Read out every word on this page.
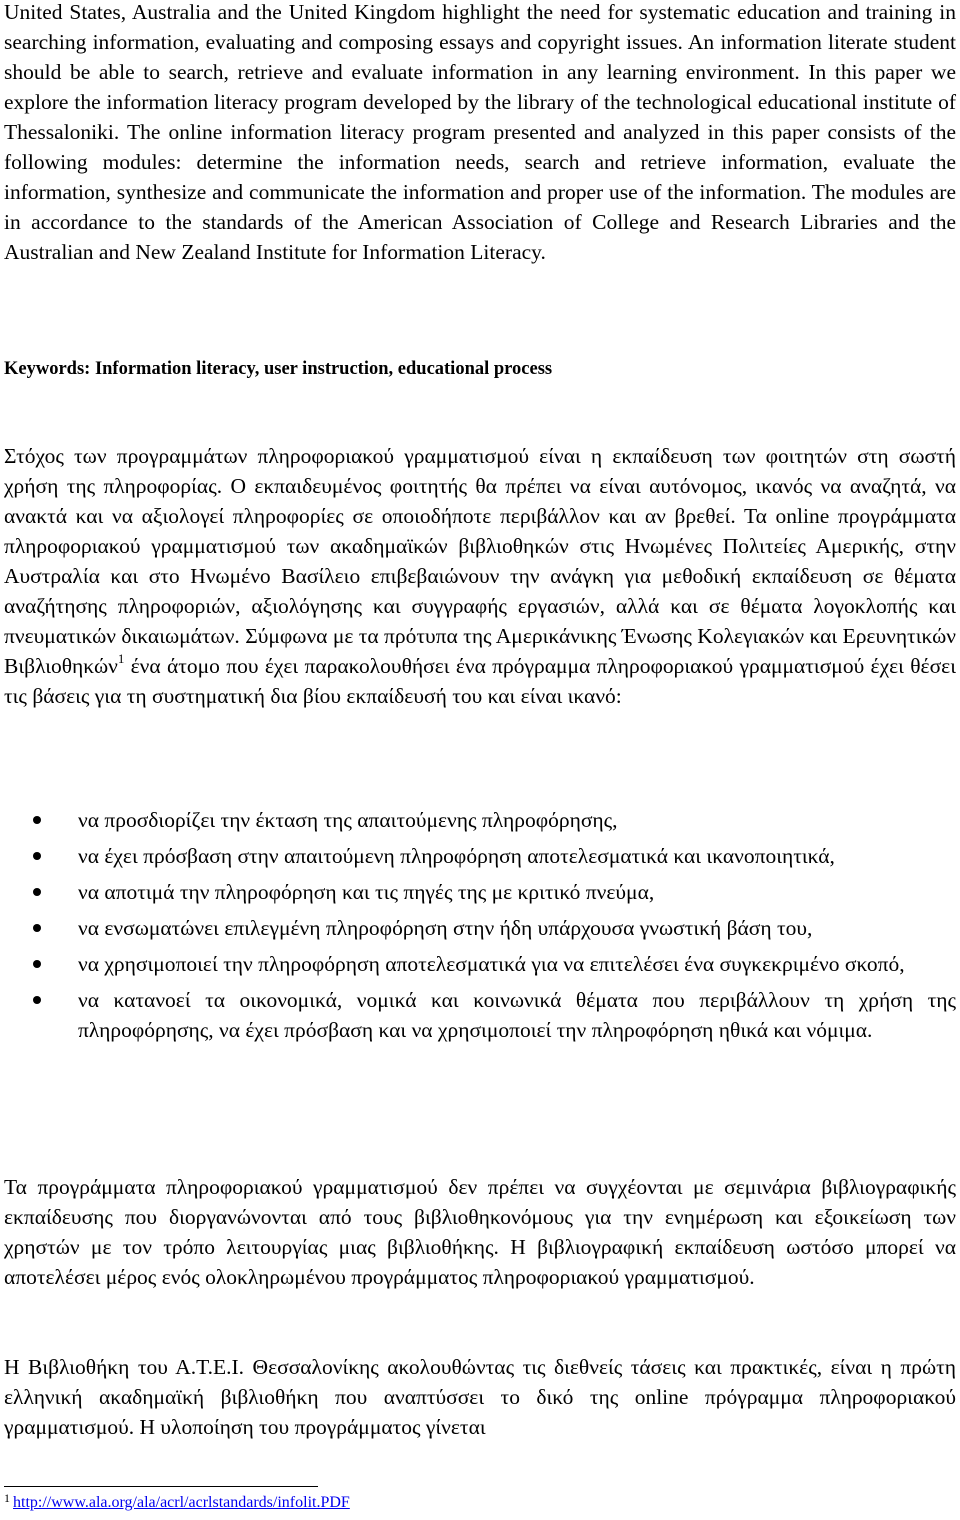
United States, Australia and the United Kingdom highlight the need for systematic education and training in searching information, evaluating and composing essays and copyright issues. An information literate student should be able to search, retrieve and evaluate information in any learning environment. In this paper we explore the information literacy program developed by the library of the technological educational institute of Thessaloniki. The online information literacy program presented and analyzed in this paper consists of the following modules: determine the information needs, search and retrieve information, evaluate the information, synthesize and communicate the information and proper use of the information. The modules are in accordance to the standards of the American Association of College and Research Libraries and the Australian and New Zealand Institute for Information Literacy.

Keywords: Information literacy, user instruction, educational process

Στόχος των προγραμμάτων πληροφοριακού γραμματισμού είναι η εκπαίδευση των φοιτητών στη σωστή χρήση της πληροφορίας. Ο εκπαιδευμένος φοιτητής θα πρέπει να είναι αυτόνομος, ικανός να αναζητά, να ανακτά και να αξιολογεί πληροφορίες σε οποιοδήποτε περιβάλλον και αν βρεθεί. Τα online προγράμματα πληροφοριακού γραμματισμού των ακαδημαϊκών βιβλιοθηκών στις Ηνωμένες Πολιτείες Αμερικής, στην Αυστραλία και στο Ηνωμένο Βασίλειο επιβεβαιώνουν την ανάγκη για μεθοδική εκπαίδευση σε θέματα αναζήτησης πληροφοριών, αξιολόγησης και συγγραφής εργασιών, αλλά και σε θέματα λογοκλοπής και πνευματικών δικαιωμάτων. Σύμφωνα με τα πρότυπα της Αμερικάνικης Ένωσης Κολεγιακών και Ερευνητικών Βιβλιοθηκών$^1$ ένα άτομο που έχει παρακολουθήσει ένα πρόγραμμα πληροφοριακού γραμματισμού έχει θέσει τις βάσεις για τη συστηματική δια βίου εκπαίδευσή του και είναι ικανό:

να προσδιορίζει την έκταση της απαιτούμενης πληροφόρησης,
να έχει πρόσβαση στην απαιτούμενη πληροφόρηση αποτελεσματικά και ικανοποιητικά,
να αποτιμά την πληροφόρηση και τις πηγές της με κριτικό πνεύμα,
να ενσωματώνει επιλεγμένη πληροφόρηση στην ήδη υπάρχουσα γνωστική βάση του,
να χρησιμοποιεί την πληροφόρηση αποτελεσματικά για να επιτελέσει ένα συγκεκριμένο σκοπό,
να κατανοεί τα οικονομικά, νομικά και κοινωνικά θέματα που περιβάλλουν τη χρήση της πληροφόρησης, να έχει πρόσβαση και να χρησιμοποιεί την πληροφόρηση ηθικά και νόμιμα.

Τα προγράμματα πληροφοριακού γραμματισμού δεν πρέπει να συγχέονται με σεμινάρια βιβλιογραφικής εκπαίδευσης που διοργανώνονται από τους βιβλιοθηκονόμους για την ενημέρωση και εξοικείωση των χρηστών με τον τρόπο λειτουργίας μιας βιβλιοθήκης. Η βιβλιογραφική εκπαίδευση ωστόσο μπορεί να αποτελέσει μέρος ενός ολοκληρωμένου προγράμματος πληροφοριακού γραμματισμού.

Η Βιβλιοθήκη του Α.Τ.Ε.Ι. Θεσσαλονίκης ακολουθώντας τις διεθνείς τάσεις και πρακτικές, είναι η πρώτη ελληνική ακαδημαϊκή βιβλιοθήκη που αναπτύσσει το δικό της online πρόγραμμα πληροφοριακού γραμματισμού. Η υλοποίηση του προγράμματος γίνεται

$^1$ http://www.ala.org/ala/acrl/acrlstandards/infolit.PDF
